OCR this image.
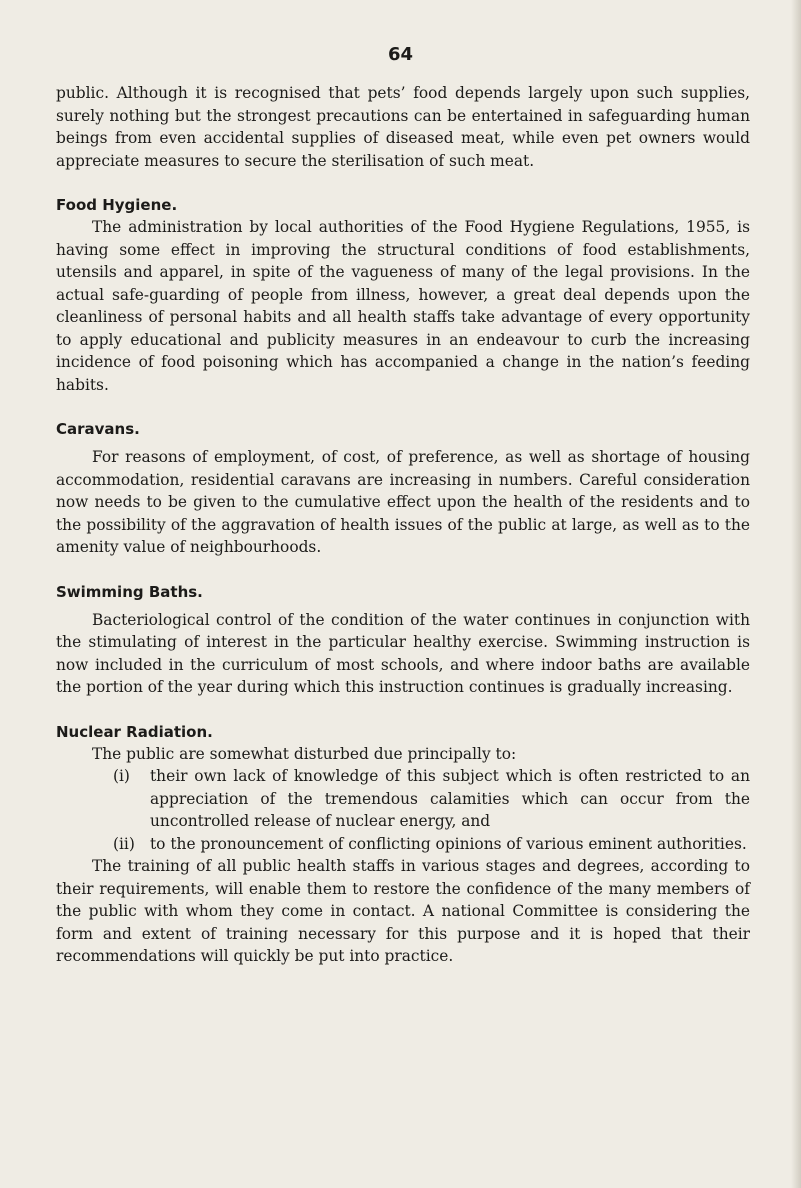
64

public. Although it is recognised that pets’ food depends largely upon such supplies, surely nothing but the strongest precautions can be entertained in safeguarding human beings from even accidental supplies of diseased meat, while even pet owners would appreciate measures to secure the sterilisation of such meat.

Food Hygiene.

The administration by local authorities of the Food Hygiene Regulations, 1955, is having some effect in improving the structural conditions of food establishments, utensils and apparel, in spite of the vagueness of many of the legal provisions. In the actual safe-guarding of people from illness, however, a great deal depends upon the cleanliness of personal habits and all health staffs take advantage of every opportunity to apply educational and publicity measures in an endeavour to curb the increasing incidence of food poisoning which has accompanied a change in the nation’s feeding habits.

Caravans.

For reasons of employment, of cost, of preference, as well as shortage of housing accommodation, residential caravans are increasing in numbers. Careful consideration now needs to be given to the cumulative effect upon the health of the residents and to the possibility of the aggravation of health issues of the public at large, as well as to the amenity value of neighbourhoods.

Swimming Baths.

Bacteriological control of the condition of the water continues in conjunction with the stimulating of interest in the particular healthy exercise. Swimming instruction is now included in the curriculum of most schools, and where indoor baths are available the portion of the year during which this instruction continues is gradually increasing.

Nuclear Radiation.

The public are somewhat disturbed due principally to:

(i) their own lack of knowledge of this subject which is often restricted to an appreciation of the tremendous calamities which can occur from the uncontrolled release of nuclear energy, and
(ii) to the pronouncement of conflicting opinions of various eminent authorities.

The training of all public health staffs in various stages and degrees, according to their requirements, will enable them to restore the confidence of the many members of the public with whom they come in contact. A national Committee is considering the form and extent of training necessary for this purpose and it is hoped that their recommendations will quickly be put into practice.
